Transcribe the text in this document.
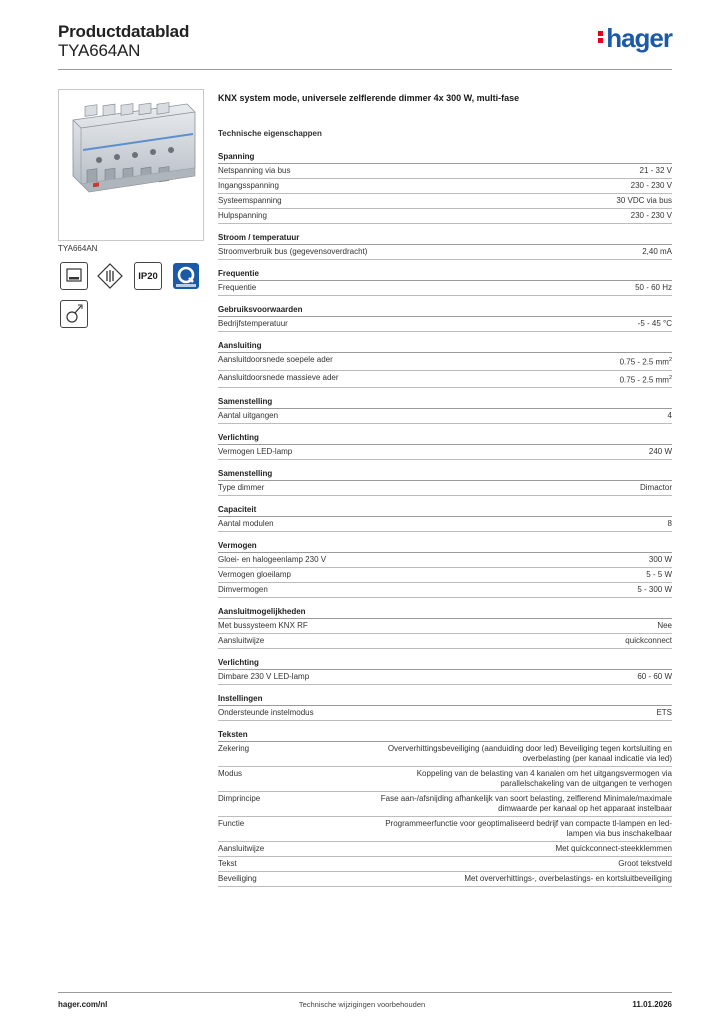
Productdatablad
TYA664AN	hager
TYA664AN
IP20
KNX system mode, universele zelflerende dimmer 4x 300 W, multi-fase
Technische eigenschappen
Spanning
Netspanning via bus	21 - 32 V
Ingangsspanning	230 - 230 V
Systeemspanning	30 VDC via bus
Hulpspanning	230 - 230 V
Stroom / temperatuur
Stroomverbruik bus (gegevensoverdracht)	2,40 mA
Frequentie
Frequentie	50 - 60 Hz
Gebruiksvoorwaarden
Bedrijfstemperatuur	-5 - 45 °C
Aansluiting
Aansluitdoorsnede soepele ader	0.75 - 2.5 $mm^2$
Aansluitdoorsnede massieve ader	0.75 - 2.5 $mm^2$
Samenstelling
Aantal uitgangen	4
Verlichting
Vermogen LED-lamp	240 W
Samenstelling
Type dimmer	Dimactor
Capaciteit
Aantal modulen	8
Vermogen
Gloei- en halogeenlamp 230 V	300 W
Vermogen gloeilamp	5 - 5 W
Dimvermogen	5 - 300 W
Aansluitmogelijkheden
Met bussysteem KNX RF	Nee
Aansluitwijze	quickconnect
Verlichting
Dimbare 230 V LED-lamp	60 - 60 W
Instellingen
Ondersteunde instelmodus	ETS
Teksten
Zekering	Oververhittingsbeveiliging (aanduiding door led) Beveiliging tegen kortsluiting en overbelasting (per kanaal indicatie via led)
Modus	Koppeling van de belasting van 4 kanalen om het uitgangsvermogen via parallelschakeling van de uitgangen te verhogen
Dimprincipe	Fase aan-/afsnijding afhankelijk van soort belasting, zelflerend Minimale/maximale dimwaarde per kanaal op het apparaat instelbaar
Functie	Programmeerfunctie voor geoptimaliseerd bedrijf van compacte tl-lampen en led-lampen via bus inschakelbaar
Aansluitwijze	Met quickconnect-steekklemmen
Tekst	Groot tekstveld
Beveiliging	Met oververhittings-, overbelastings- en kortsluitbeveiliging
hager.com/nl	Technische wijzigingen voorbehouden	11.01.2026
